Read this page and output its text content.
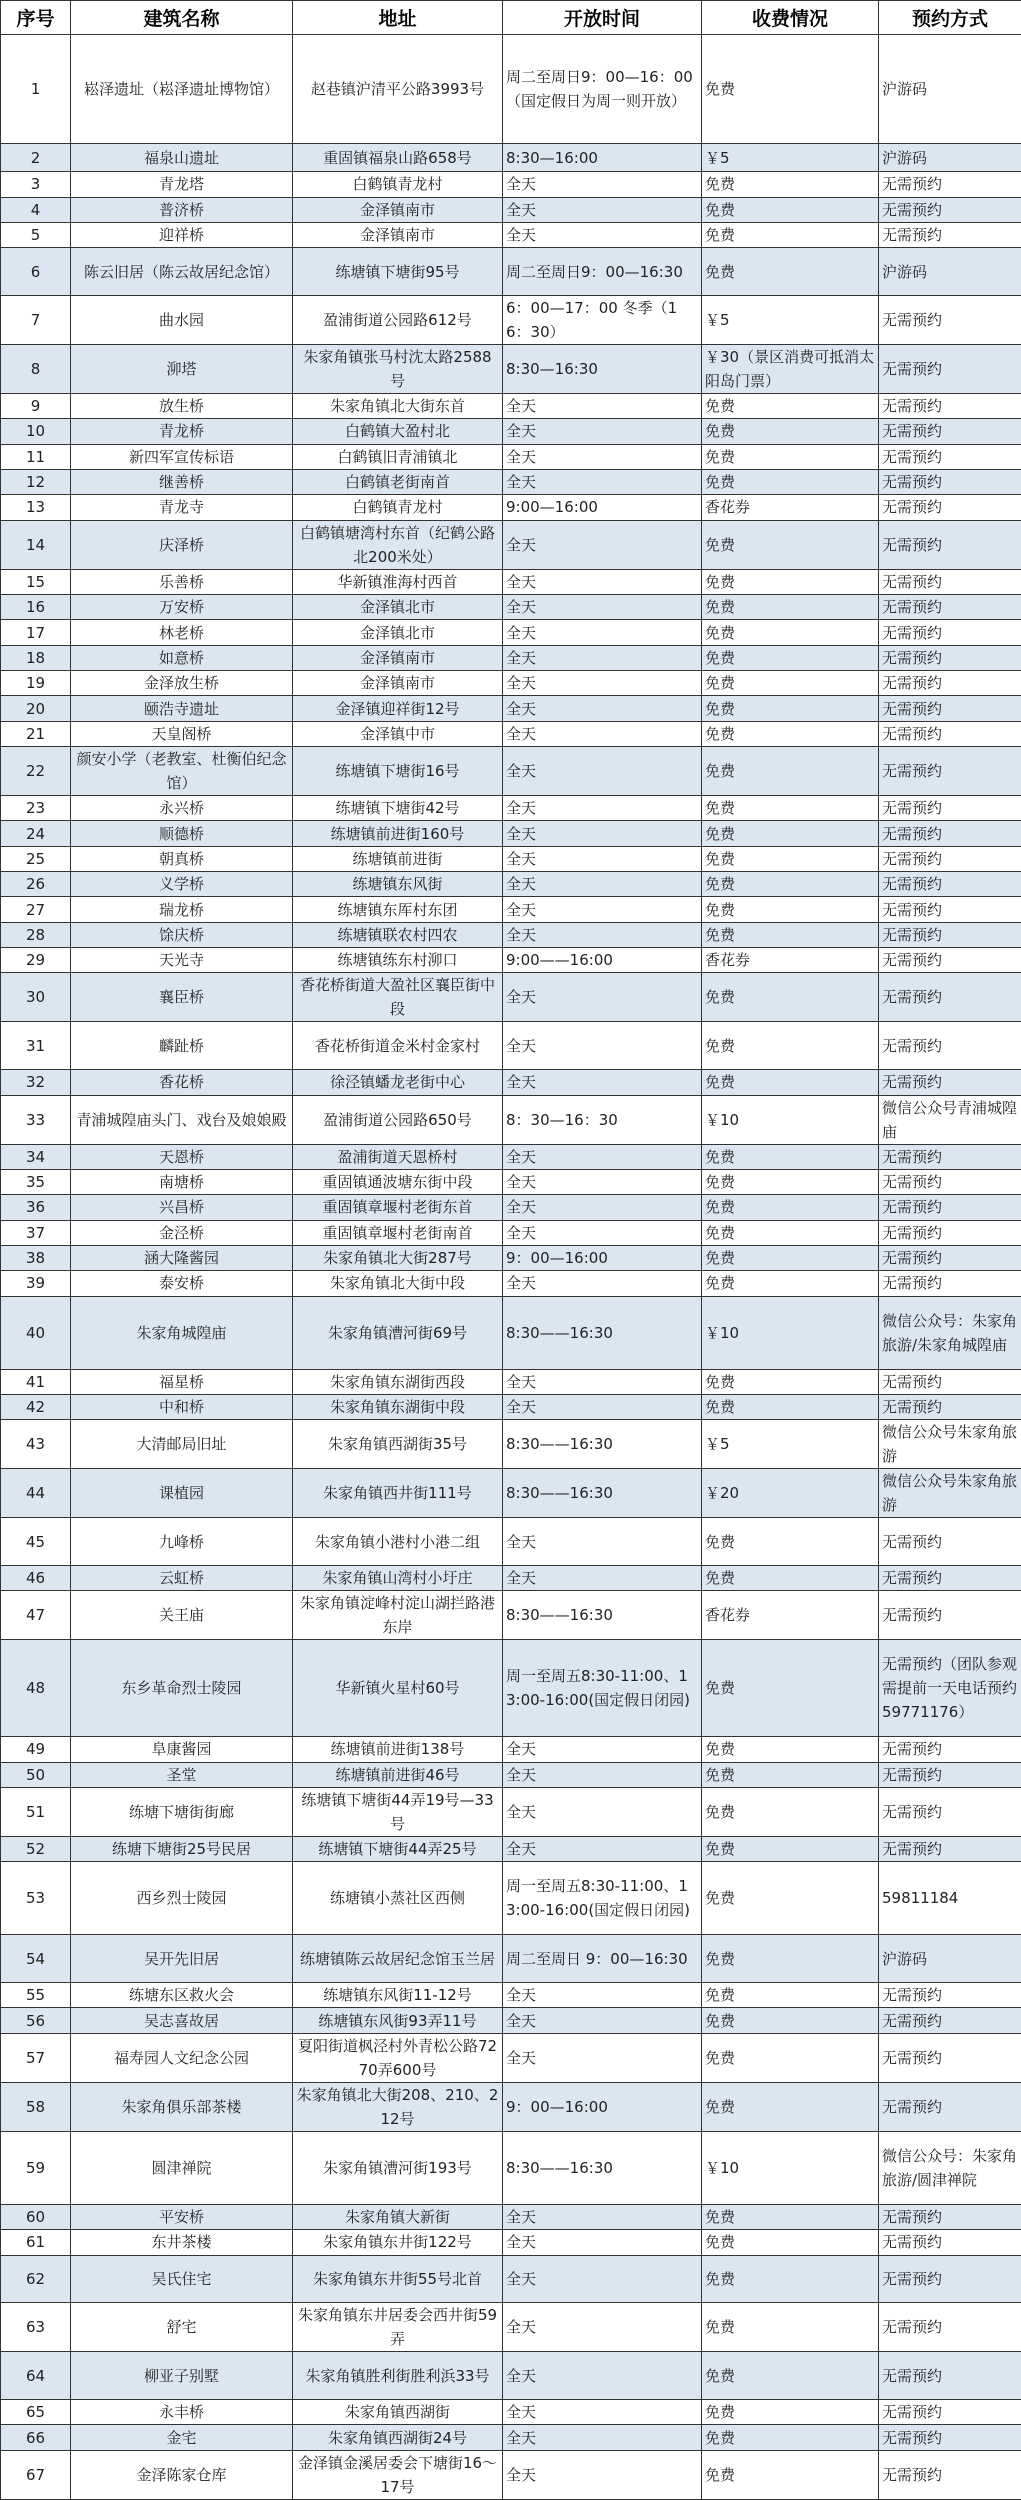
序号	建筑名称	地址	开放时间	收费情况	预约方式
1	崧泽遗址（崧泽遗址博物馆）	赵巷镇沪清平公路3993号	周二至周日9：00—16：00（国定假日为周一则开放）	免费	沪游码
2	福泉山遗址	重固镇福泉山路658号	8:30—16:00	￥5	沪游码
3	青龙塔	白鹤镇青龙村	全天	免费	无需预约
4	普济桥	金泽镇南市	全天	免费	无需预约
5	迎祥桥	金泽镇南市	全天	免费	无需预约
6	陈云旧居（陈云故居纪念馆）	练塘镇下塘街95号	周二至周日9：00—16:30	免费	沪游码
7	曲水园	盈浦街道公园路612号	6：00—17：00 冬季（16：30）	￥5	无需预约
8	泖塔	朱家角镇张马村沈太路2588号	8:30—16:30	￥30（景区消费可抵消太阳岛门票）	无需预约
9	放生桥	朱家角镇北大街东首	全天	免费	无需预约
10	青龙桥	白鹤镇大盈村北	全天	免费	无需预约
11	新四军宣传标语	白鹤镇旧青浦镇北	全天	免费	无需预约
12	继善桥	白鹤镇老街南首	全天	免费	无需预约
13	青龙寺	白鹤镇青龙村	9:00—16:00	香花券	无需预约
14	庆泽桥	白鹤镇塘湾村东首（纪鹤公路北200米处）	全天	免费	无需预约
15	乐善桥	华新镇淮海村西首	全天	免费	无需预约
16	万安桥	金泽镇北市	全天	免费	无需预约
17	林老桥	金泽镇北市	全天	免费	无需预约
18	如意桥	金泽镇南市	全天	免费	无需预约
19	金泽放生桥	金泽镇南市	全天	免费	无需预约
20	颐浩寺遗址	金泽镇迎祥街12号	全天	免费	无需预约
21	天皇阁桥	金泽镇中市	全天	免费	无需预约
22	颜安小学（老教室、杜衡伯纪念馆）	练塘镇下塘街16号	全天	免费	无需预约
23	永兴桥	练塘镇下塘街42号	全天	免费	无需预约
24	顺德桥	练塘镇前进街160号	全天	免费	无需预约
25	朝真桥	练塘镇前进街	全天	免费	无需预约
26	义学桥	练塘镇东风街	全天	免费	无需预约
27	瑞龙桥	练塘镇东厍村东团	全天	免费	无需预约
28	馀庆桥	练塘镇联农村四农	全天	免费	无需预约
29	天光寺	练塘镇练东村泖口	9:00——16:00	香花券	无需预约
30	襄臣桥	香花桥街道大盈社区襄臣街中段	全天	免费	无需预约
31	麟趾桥	香花桥街道金米村金家村	全天	免费	无需预约
32	香花桥	徐泾镇蟠龙老街中心	全天	免费	无需预约
33	青浦城隍庙头门、戏台及娘娘殿	盈浦街道公园路650号	8：30—16：30	￥10	微信公众号青浦城隍庙
34	天恩桥	盈浦街道天恩桥村	全天	免费	无需预约
35	南塘桥	重固镇通波塘东街中段	全天	免费	无需预约
36	兴昌桥	重固镇章堰村老街东首	全天	免费	无需预约
37	金泾桥	重固镇章堰村老街南首	全天	免费	无需预约
38	涵大隆酱园	朱家角镇北大街287号	9：00—16:00	免费	无需预约
39	泰安桥	朱家角镇北大街中段	全天	免费	无需预约
40	朱家角城隍庙	朱家角镇漕河街69号	8:30——16:30	￥10	微信公众号：朱家角旅游/朱家角城隍庙
41	福星桥	朱家角镇东湖街西段	全天	免费	无需预约
42	中和桥	朱家角镇东湖街中段	全天	免费	无需预约
43	大清邮局旧址	朱家角镇西湖街35号	8:30——16:30	￥5	微信公众号朱家角旅游
44	课植园	朱家角镇西井街111号	8:30——16:30	￥20	微信公众号朱家角旅游
45	九峰桥	朱家角镇小港村小港二组	全天	免费	无需预约
46	云虹桥	朱家角镇山湾村小圩庄	全天	免费	无需预约
47	关王庙	朱家角镇淀峰村淀山湖拦路港东岸	8:30——16:30	香花券	无需预约
48	东乡革命烈士陵园	华新镇火星村60号	周一至周五8:30-11:00、13:00-16:00(国定假日闭园)	免费	无需预约（团队参观需提前一天电话预约59771176）
49	阜康酱园	练塘镇前进街138号	全天	免费	无需预约
50	圣堂	练塘镇前进街46号	全天	免费	无需预约
51	练塘下塘街街廊	练塘镇下塘街44弄19号—33号	全天	免费	无需预约
52	练塘下塘街25号民居	练塘镇下塘街44弄25号	全天	免费	无需预约
53	西乡烈士陵园	练塘镇小蒸社区西侧	周一至周五8:30-11:00、13:00-16:00(国定假日闭园)	免费	59811184
54	吴开先旧居	练塘镇陈云故居纪念馆玉兰居	周二至周日 9：00—16:30	免费	沪游码
55	练塘东区救火会	练塘镇东风街11-12号	全天	免费	无需预约
56	吴志喜故居	练塘镇东风街93弄11号	全天	免费	无需预约
57	福寿园人文纪念公园	夏阳街道枫泾村外青松公路7270弄600号	全天	免费	无需预约
58	朱家角俱乐部茶楼	朱家角镇北大街208、210、212号	9：00—16:00	免费	无需预约
59	圆津禅院	朱家角镇漕河街193号	8:30——16:30	￥10	微信公众号：朱家角旅游/圆津禅院
60	平安桥	朱家角镇大新街	全天	免费	无需预约
61	东井茶楼	朱家角镇东井街122号	全天	免费	无需预约
62	吴氏住宅	朱家角镇东井街55号北首	全天	免费	无需预约
63	舒宅	朱家角镇东井居委会西井街59弄	全天	免费	无需预约
64	柳亚子别墅	朱家角镇胜利街胜利浜33号	全天	免费	无需预约
65	永丰桥	朱家角镇西湖街	全天	免费	无需预约
66	金宅	朱家角镇西湖街24号	全天	免费	无需预约
67	金泽陈家仓库	金泽镇金溪居委会下塘街16～17号	全天	免费	无需预约
